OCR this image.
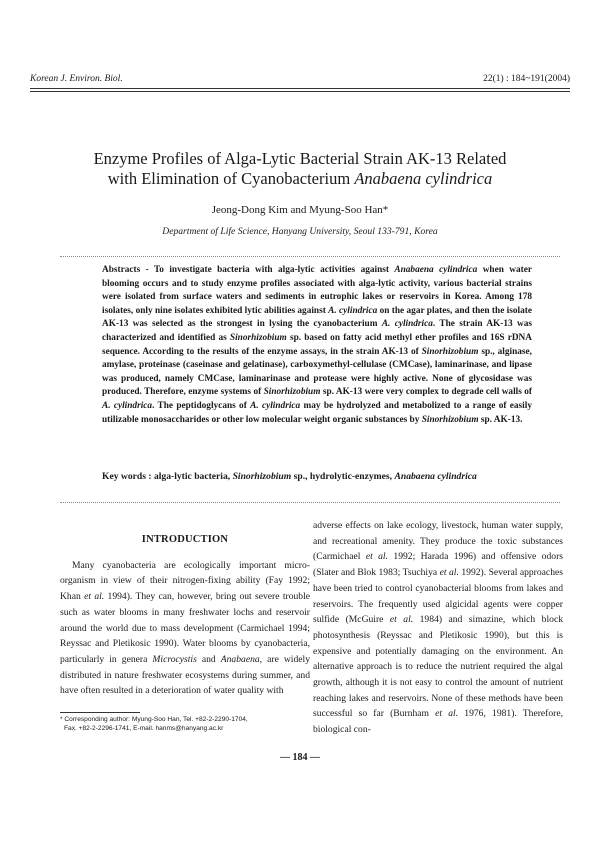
Korean J. Environ. Biol.	22(1) : 184~191(2004)
Enzyme Profiles of Alga-Lytic Bacterial Strain AK-13 Related
with Elimination of Cyanobacterium Anabaena cylindrica
Jeong-Dong Kim and Myung-Soo Han*
Department of Life Science, Hanyang University, Seoul 133-791, Korea
Abstracts - To investigate bacteria with alga-lytic activities against Anabaena cylindrica when water blooming occurs and to study enzyme profiles associated with alga-lytic activity, various bacterial strains were isolated from surface waters and sediments in eutrophic lakes or reservoirs in Korea. Among 178 isolates, only nine isolates exhibited lytic abilities against A. cylindrica on the agar plates, and then the isolate AK-13 was selected as the strongest in lysing the cyanobacterium A. cylindrica. The strain AK-13 was characterized and identified as Sinorhizobium sp. based on fatty acid methyl ether profiles and 16S rDNA sequence. According to the results of the enzyme assays, in the strain AK-13 of Sinorhizobium sp., alginase, amylase, proteinase (caseinase and gelatinase), carboxymethyl-cellulase (CMCase), laminarinase, and lipase was produced, namely CMCase, laminarinase and protease were highly active. None of glycosidase was produced. Therefore, enzyme systems of Sinorhizobium sp. AK-13 were very complex to degrade cell walls of A. cylindrica. The peptidoglycans of A. cylindrica may be hydrolyzed and metabolized to a range of easily utilizable monosaccharides or other low molecular weight organic substances by Sinorhizobium sp. AK-13.
Key words : alga-lytic bacteria, Sinorhizobium sp., hydrolytic-enzymes, Anabaena cylindrica
INTRODUCTION

Many cyanobacteria are ecologically important micro-organism in view of their nitrogen-fixing ability (Fay 1992; Khan et al. 1994). They can, however, bring out severe trouble such as water blooms in many freshwater lochs and reservoir around the world due to mass development (Carmichael 1994; Reyssac and Pletikosic 1990). Water blooms by cyanobacteria, particularly in genera Microcystis and Anabaena, are widely distributed in nature freshwater ecosystems during summer, and have often resulted in a deterioration of water quality with

adverse effects on lake ecology, livestock, human water supply, and recreational amenity. They produce the toxic substances (Carmichael et al. 1992; Harada 1996) and offensive odors (Slater and Blok 1983; Tsuchiya et al. 1992). Several approaches have been tried to control cyanobacterial blooms from lakes and reservoirs. The frequently used algicidal agents were copper sulfide (McGuire et al. 1984) and simazine, which block photosynthesis (Reyssac and Pletikosic 1990), but this is expensive and potentially damaging on the environment. An alternative approach is to reduce the nutrient required the algal growth, although it is not easy to control the amount of nutrient reaching lakes and reservoirs. None of these methods have been successful so far (Burnham et al. 1976, 1981). Therefore, biological con-

* Corresponding author: Myung-Soo Han, Tel. +82-2-2290-1704,
Fax. +82-2-2296-1741, E-mail. hanms@hanyang.ac.kr
— 184 —
